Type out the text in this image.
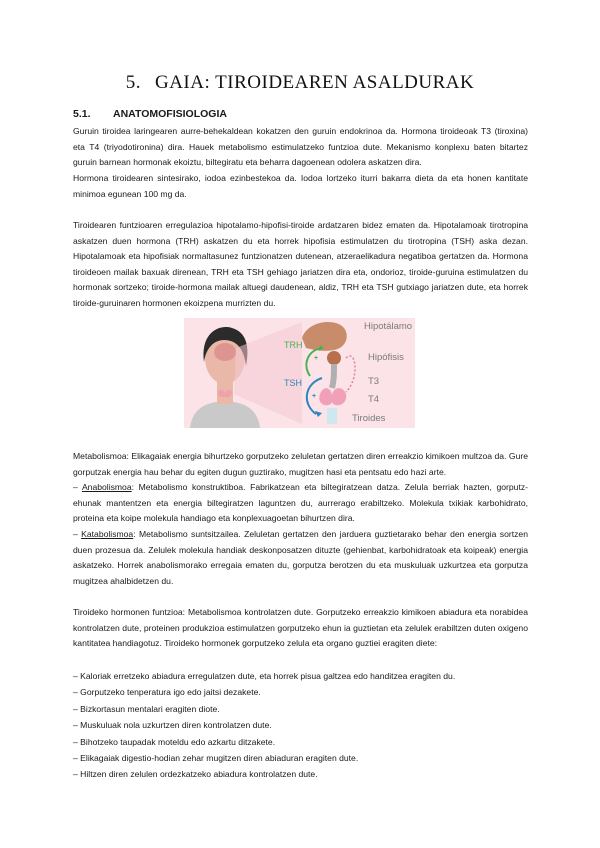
5. GAIA: TIROIDEAREN ASALDURAK
5.1. ANATOMOFISIOLOGIA

Guruin tiroidea laringearen aurre-behekaldean kokatzen den guruin endokrinoa da. Hormona tiroideoak T3 (tiroxina) eta T4 (triyodotironina) dira. Hauek metabolismo estimulatzeko funtzioa dute. Mekanismo konplexu baten bitartez guruin barnean hormonak ekoiztu, biltegiratu eta beharra dagoenean odolera askatzen dira.

Hormona tiroidearen sintesirako, iodoa ezinbestekoa da. Iodoa lortzeko iturri bakarra dieta da eta honen kantitate minimoa egunean 100 mg da.

Tiroidearen funtzioaren erregulazioa hipotalamo-hipofisi-tiroide ardatzaren bidez ematen da. Hipotalamoak tirotropina askatzen duen hormona (TRH) askatzen du eta horrek hipofisia estimulatzen du tirotropina (TSH) aska dezan. Hipotalamoak eta hipofisiak normaltasunez funtzionatzen dutenean, atzeraelikadura negatiboa gertatzen da. Hormona tiroideoen mailak baxuak direnean, TRH eta TSH gehiago jariatzen dira eta, ondorioz, tiroide-guruina estimulatzen du hormonak sortzeko; tiroide-hormona mailak altuegi daudenean, aldiz, TRH eta TSH gutxiago jariatzen dute, eta horrek tiroide-guruinaren hormonen ekoizpena murrizten du.

+
+
TRH
TSH
Hipotálamo
Hipófisis
T3
T4
Tiroides

Metabolismoa: Elikagaiak energia bihurtzeko gorputzeko zeluletan gertatzen diren erreakzio kimikoen multzoa da. Gure gorputzak energia hau behar du egiten dugun guztirako, mugitzen hasi eta pentsatu edo hazi arte.

– Anabolismoa: Metabolismo konstruktiboa. Fabrikatzean eta biltegiratzean datza. Zelula berriak hazten, gorputz-ehunak mantentzen eta energia biltegiratzen laguntzen du, aurrerago erabiltzeko. Molekula txikiak karbohidrato, proteina eta koipe molekula handiago eta konplexuagoetan bihurtzen dira.

– Katabolismoa: Metabolismo suntsitzailea. Zeluletan gertatzen den jarduera guztietarako behar den energia sortzen duen prozesua da. Zelulek molekula handiak deskonposatzen dituzte (gehienbat, karbohidratoak eta koipeak) energia askatzeko. Horrek anabolismorako erregaia ematen du, gorputza berotzen du eta muskuluak uzkurtzea eta gorputza mugitzea ahalbidetzen du.

Tiroideko hormonen funtzioa: Metabolismoa kontrolatzen dute. Gorputzeko erreakzio kimikoen abiadura eta norabidea kontrolatzen dute, proteinen produkzioa estimulatzen gorputzeko ehun ia guztietan eta zelulek erabiltzen duten oxigeno kantitatea handiagotuz. Tiroideko hormonek gorputzeko zelula eta organo guztiei eragiten diete:

– Kaloriak erretzeko abiadura erregulatzen dute, eta horrek pisua galtzea edo handitzea eragiten du.
– Gorputzeko tenperatura igo edo jaitsi dezakete.
– Bizkortasun mentalari eragiten diote.
– Muskuluak nola uzkurtzen diren kontrolatzen dute.
– Bihotzeko taupadak moteldu edo azkartu ditzakete.
– Elikagaiak digestio-hodian zehar mugitzen diren abiaduran eragiten dute.
– Hiltzen diren zelulen ordezkatzeko abiadura kontrolatzen dute.
